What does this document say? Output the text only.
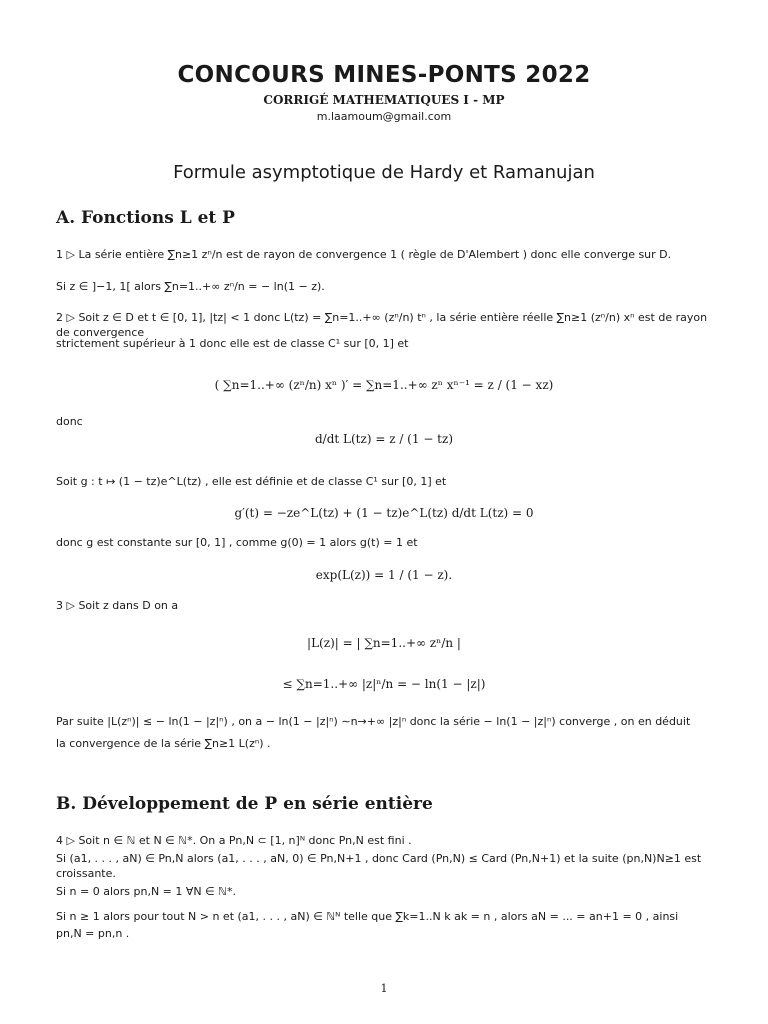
CONCOURS MINES-PONTS 2022
CORRIGÉ MATHEMATIQUES I - MP
m.laamoum@gmail.com
Formule asymptotique de Hardy et Ramanujan
A. Fonctions L et P
1 ▷ La série entière ∑n≥1 zⁿ/n est de rayon de convergence 1 ( règle de D'Alembert ) donc elle converge sur D.
Si z ∈ ]−1, 1[ alors ∑n=1..+∞ zⁿ/n = − ln(1 − z).
2 ▷ Soit z ∈ D et t ∈ [0, 1], |tz| < 1 donc L(tz) = ∑n=1..+∞ (zⁿ/n) tⁿ , la série entière réelle ∑n≥1 (zⁿ/n) xⁿ est de rayon de convergence
strictement supérieur à 1 donc elle est de classe C¹ sur [0, 1] et
( ∑n=1..+∞ (zⁿ/n) xⁿ )′ = ∑n=1..+∞ zⁿ xⁿ⁻¹ = z / (1 − xz)
donc
d/dt L(tz) = z / (1 − tz)
Soit g : t ↦ (1 − tz)e^L(tz) , elle est définie et de classe C¹ sur [0, 1] et
g′(t) = −ze^L(tz) + (1 − tz)e^L(tz) d/dt L(tz) = 0
donc g est constante sur [0, 1] , comme g(0) = 1 alors g(t) = 1 et
exp(L(z)) = 1 / (1 − z).
3 ▷ Soit z dans D on a
|L(z)| = | ∑n=1..+∞ zⁿ/n |
≤ ∑n=1..+∞ |z|ⁿ/n = − ln(1 − |z|)
Par suite |L(zⁿ)| ≤ − ln(1 − |z|ⁿ) , on a − ln(1 − |z|ⁿ) ∼n→+∞ |z|ⁿ donc la série − ln(1 − |z|ⁿ) converge , on en déduit
la convergence de la série ∑n≥1 L(zⁿ) .
B. Développement de P en série entière
4 ▷ Soit n ∈ ℕ et N ∈ ℕ*. On a Pn,N ⊂ [1, n]ᴺ donc Pn,N est fini .
Si (a1, . . . , aN) ∈ Pn,N alors (a1, . . . , aN, 0) ∈ Pn,N+1 , donc Card (Pn,N) ≤ Card (Pn,N+1) et la suite (pn,N)N≥1 est
croissante.
Si n = 0 alors pn,N = 1 ∀N ∈ ℕ*.
Si n ≥ 1 alors pour tout N > n et (a1, . . . , aN) ∈ ℕᴺ telle que ∑k=1..N k ak = n , alors aN = ... = an+1 = 0 , ainsi
pn,N = pn,n .
1
